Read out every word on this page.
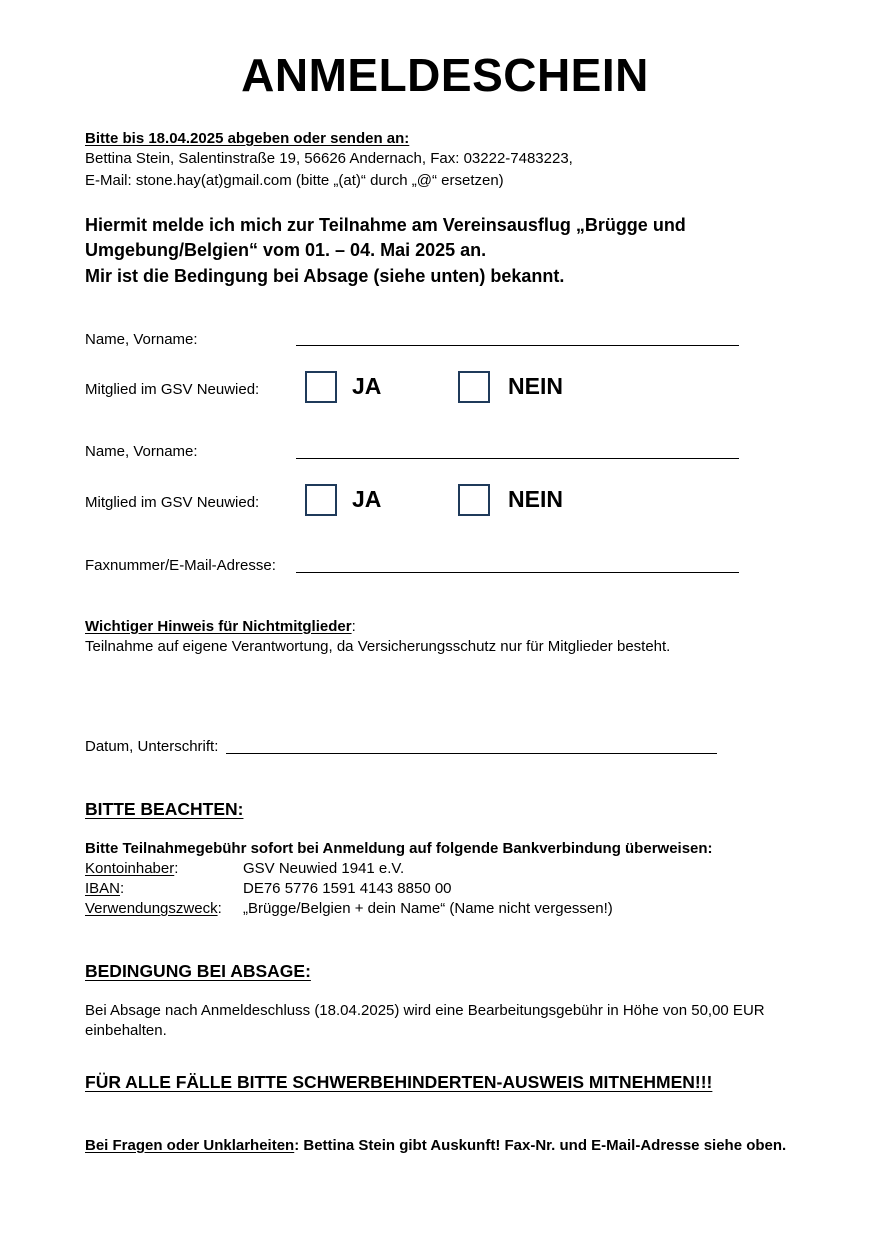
ANMELDESCHEIN
Bitte bis 18.04.2025 abgeben oder senden an:
Bettina Stein, Salentinstraße 19, 56626 Andernach, Fax: 03222-7483223,
E-Mail: stone.hay(at)gmail.com (bitte „(at)“ durch „@“ ersetzen)
Hiermit melde ich mich zur Teilnahme am Vereinsausflug „Brügge und
Umgebung/Belgien“ vom 01. – 04. Mai 2025 an.
Mir ist die Bedingung bei Absage (siehe unten) bekannt.
Name, Vorname:
Mitglied im GSV Neuwied:	JA	NEIN
Name, Vorname:
Mitglied im GSV Neuwied:	JA	NEIN
Faxnummer/E-Mail-Adresse:
Wichtiger Hinweis für Nichtmitglieder:
Teilnahme auf eigene Verantwortung, da Versicherungsschutz nur für Mitglieder besteht.
Datum, Unterschrift:
BITTE BEACHTEN:
Bitte Teilnahmegebühr sofort bei Anmeldung auf folgende Bankverbindung überweisen:
Kontoinhaber:	GSV Neuwied 1941 e.V.
IBAN:	DE76 5776 1591 4143 8850 00
Verwendungszweck: „Brügge/Belgien + dein Name“ (Name nicht vergessen!)
BEDINGUNG BEI ABSAGE:
Bei Absage nach Anmeldeschluss (18.04.2025) wird eine Bearbeitungsgebühr in Höhe von 50,00 EUR
einbehalten.
FÜR ALLE FÄLLE BITTE SCHWERBEHINDERTEN-AUSWEIS MITNEHMEN!!!
Bei Fragen oder Unklarheiten: Bettina Stein gibt Auskunft! Fax-Nr. und E-Mail-Adresse siehe oben.
